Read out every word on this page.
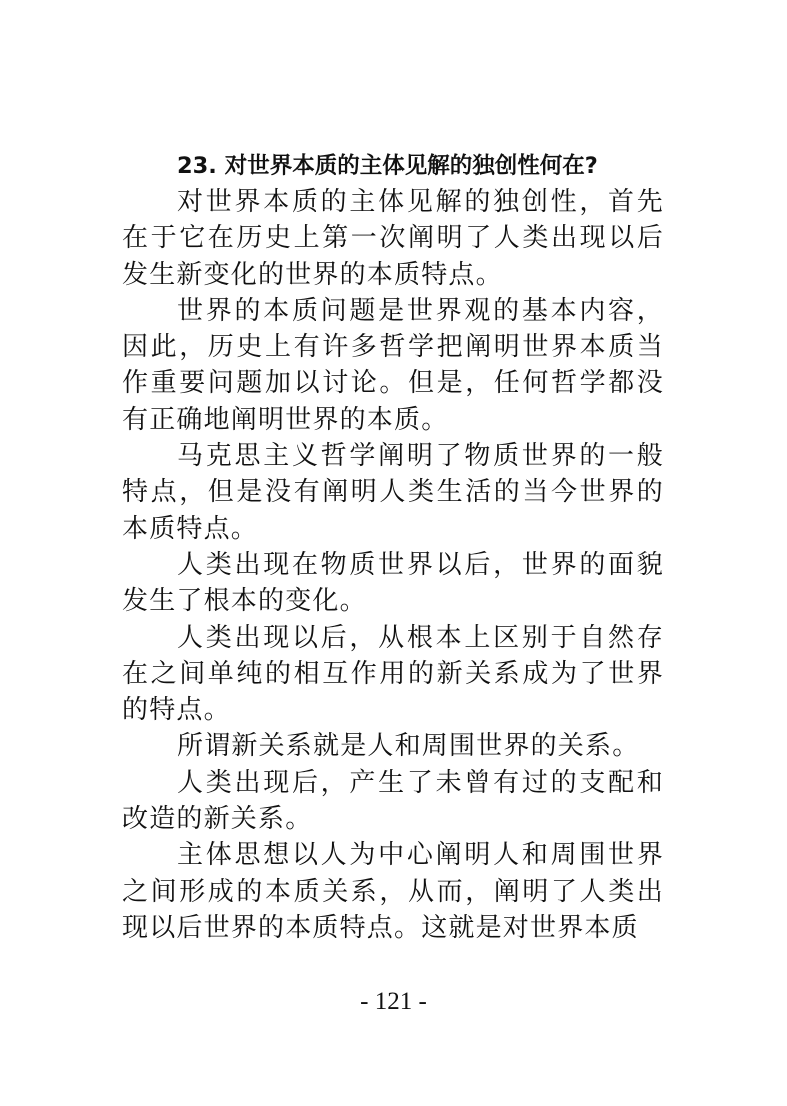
23. 对世界本质的主体见解的独创性何在?
对世界本质的主体见解的独创性，首先
在于它在历史上第一次阐明了人类出现以后
发生新变化的世界的本质特点。
世界的本质问题是世界观的基本内容，
因此，历史上有许多哲学把阐明世界本质当
作重要问题加以讨论。但是，任何哲学都没
有正确地阐明世界的本质。
马克思主义哲学阐明了物质世界的一般
特点，但是没有阐明人类生活的当今世界的
本质特点。
人类出现在物质世界以后，世界的面貌
发生了根本的变化。
人类出现以后，从根本上区别于自然存
在之间单纯的相互作用的新关系成为了世界
的特点。
所谓新关系就是人和周围世界的关系。
人类出现后，产生了未曾有过的支配和
改造的新关系。
主体思想以人为中心阐明人和周围世界
之间形成的本质关系，从而，阐明了人类出
现以后世界的本质特点。这就是对世界本质
- 121 -
